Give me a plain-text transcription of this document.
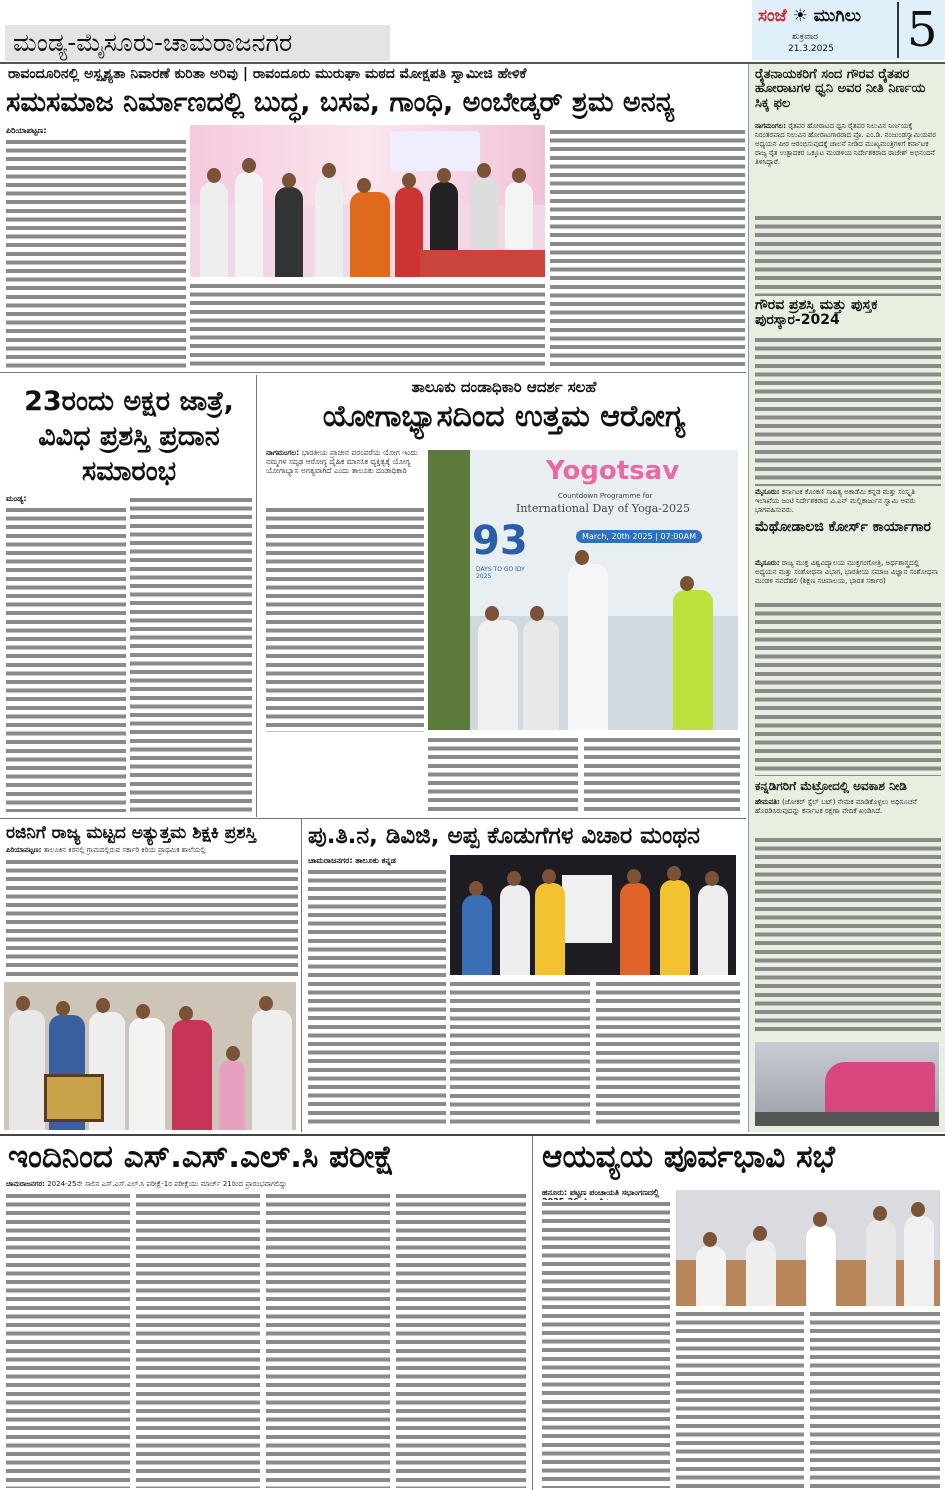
ಮಂಡ್ಯ-ಮೈಸೂರು-ಚಾಮರಾಜನಗರ
ಸಂಜೆ ☀ ಮುಗಿಲು
ಶುಕ್ರವಾರ
21.3.2025 5
ರೈತನಾಯಕರಿಗೆ ಸಂದ ಗೌರವ ರೈತಪರ ಹೋರಾಟಗಳ ಧ್ವನಿ ಅವರ ನೀತಿ ನಿರ್ಣಯ ಸಿಕ್ಕ ಫಲ
ನಾಗಮಂಗಲ: ರೈತಪರ ಹೋರಾಟದ ಧ್ವನಿ ರೈತಪರ ನಿಲುವಿನ ನಿರ್ಣಯಕ್ಕೆ ನಿರಂತರವಾದ ನಿಲುವಿನ ಹೋರಾಟಗಾರರಾದ ಪ್ರೊ. ಎಂ.ಡಿ. ನಂಜುಂಡಸ್ವಾಮಿಯವರ ಅಧ್ಯಯನ ಪೀಠ ಆರಂಭಿಸುವುದಕ್ಕೆ ಚಾಲನೆ ನೀಡಿದ ಮುಖ್ಯಮಂತ್ರಿಗಳಿಗೆ ಕರ್ನಾಟಕ ರಾಜ್ಯ ರೈತ ಉತ್ಪಾದಕರ ಒಕ್ಕೂಟ ಮಂಡಳಿಯ ನಿರ್ದೇಶಕರಾದ ರಾಜೇಶ್ ಅಭಿನಂದನೆ ತಿಳಿಸಿದ್ದಾರೆ.
ಗೌರವ ಪ್ರಶಸ್ತಿ ಮತ್ತು ಪುಸ್ತಕ ಪುರಸ್ಕಾರ-2024
ಮೈಸೂರು: ಕರ್ನಾಟಕ ಕೊಂಕಣಿ ಸಾಹಿತ್ಯ ಅಕಾಡೆಮಿ ಕನ್ನಡ ಮತ್ತು ಸಂಸ್ಕೃತಿ ಇಲಾಖೆಯ ಜಂಟಿ ನಿರ್ದೇಶಕರಾದ ವಿ.ಎನ್ ಮಲ್ಲಿಕಾರ್ಜುನ ಸ್ವಾಮಿ ಅವರು ಭಾಗವಹಿಸುವರು.
ಮೆಥೋಡಾಲಜಿ ಕೋರ್ಸ್ ಕಾರ್ಯಾಗಾರ
ಮೈಸೂರು: ರಾಜ್ಯ ಮುಕ್ತ ವಿಶ್ವವಿದ್ಯಾಲಯ ಮುಕ್ತಗಂಗೋತ್ರಿ, ಅರ್ಥಶಾಸ್ತ್ರದಲ್ಲಿ ಅಧ್ಯಯನ ಮತ್ತು ಸಂಶೋಧನಾ ವಿಭಾಗ, ಭಾರತೀಯ ಸಮಾಜ ವಿಜ್ಞಾನ ಸಂಶೋಧನಾ ಮಂಡಳಿ ನವದೆಹಲಿ (ಶಿಕ್ಷಣ ಸಚಿವಾಲಯ, ಭಾರತ ಸರ್ಕಾರ)
ಕನ್ನಡಿಗರಿಗೆ ಮೆಟ್ರೋದಲ್ಲಿ ಅವಕಾಶ ನೀಡಿ
ಹೇಮವತಿ: (ಜೋಕರ್ ಸ್ಟೆಲ್ ಬಟ್) ನೇಮಕ ಮಾಡಿಕೊಳ್ಳಲು ಅಧಿಸೂಚನೆ ಹೊರಡಿಸಿರುವುದನ್ನು ಕರ್ನಾಟಕ ರಕ್ಷಣಾ ವೇದಿಕೆ ಖಂಡಿಸಿದೆ.
ರಾವಂದೂರಿನಲ್ಲಿ ಅಸ್ಪೃಶ್ಯತಾ ನಿವಾರಣೆ ಕುರಿತಾ ಅರಿವು | ರಾವಂದೂರು ಮುರುಘಾ ಮಠದ ಮೋಕ್ಷಪತಿ ಸ್ವಾಮೀಜಿ ಹೇಳಿಕೆ
ಸಮಸಮಾಜ ನಿರ್ಮಾಣದಲ್ಲಿ ಬುದ್ಧ, ಬಸವ, ಗಾಂಧಿ, ಅಂಬೇಡ್ಕರ್ ಶ್ರಮ ಅನನ್ಯ
ಪಿರಿಯಾಪಟ್ಟಣ:
23ರಂದು ಅಕ್ಷರ ಜಾತ್ರೆ, ವಿವಿಧ ಪ್ರಶಸ್ತಿ ಪ್ರದಾನ ಸಮಾರಂಭ
ಮಂಡ್ಯ:
ತಾಲೂಕು ದಂಡಾಧಿಕಾರಿ ಆದರ್ಶ ಸಲಹೆ
ಯೋಗಾಭ್ಯಾಸದಿಂದ ಉತ್ತಮ ಆರೋಗ್ಯ
ನಾಗಮಂಗಲ: ಭಾರತೀಯ ಪ್ರಾಚೀನ ಪರಂಪರೆಯ ಯೋಗ ಇಂದು ನಮ್ಮಗಳ ಸದೃಢ ಆರೋಗ್ಯ ದೈಹಿಕ ಮಾನಸಿಕ ವ್ಯಕ್ತಿತ್ವಕ್ಕೆ ಯೋಗ್ಯ ಯೋಗಾಭ್ಯಾಸ ಅಗತ್ಯವಾಗಿದೆ ಎಂದು ತಾಲೂಕು ದಂಡಾಧಿಕಾರಿ	Yogotsav
Countdown Programme for
International Day of Yoga-2025
93
DAYS TO GO IDY 2025
March, 20th 2025 | 07:00AM
ರಜಿನಿಗೆ ರಾಜ್ಯ ಮಟ್ಟದ ಅತ್ಯುತ್ತಮ ಶಿಕ್ಷಕಿ ಪ್ರಶಸ್ತಿ
ಪಿರಿಯಾಪಟ್ಟಣ: ತಾಲೂಕಿನ ಕಿರನಲ್ಲಿ ಗ್ರಾಮದಲ್ಲಿರುವ ಸರ್ಕಾರಿ ಕಿರಿಯ ಪ್ರಾಥಮಿಕ ಶಾಲೆಯಲ್ಲಿ
ಪು.ತಿ.ನ, ಡಿವಿಜಿ, ಅಪ್ಪ ಕೊಡುಗೆಗಳ ವಿಚಾರ ಮಂಥನ
ಚಾಮರಾಜನಗರ: ತಾಲೂಕು ಕನ್ನಡ
ಇಂದಿನಿಂದ ಎಸ್.ಎಸ್.ಎಲ್.ಸಿ ಪರೀಕ್ಷೆ
ಚಾಮರಾಜನಗರ: 2024-25ನೇ ಸಾಲಿನ ಎಸ್.ಎಸ್.ಎಲ್.ಸಿ ಪರೀಕ್ಷೆ-1ರ ಪರೀಕ್ಷೆಯು ಮಾರ್ಚ್ 21ರಿಂದ ಪ್ರಾರಂಭವಾಗಲಿದ್ದು
ಆಯವ್ಯಯ ಪೂರ್ವಭಾವಿ ಸಭೆ
ಹನೂರು: ಪಟ್ಟಣ ಪಂಚಾಯತಿ ಸಭಾಂಗಣದಲ್ಲಿ
